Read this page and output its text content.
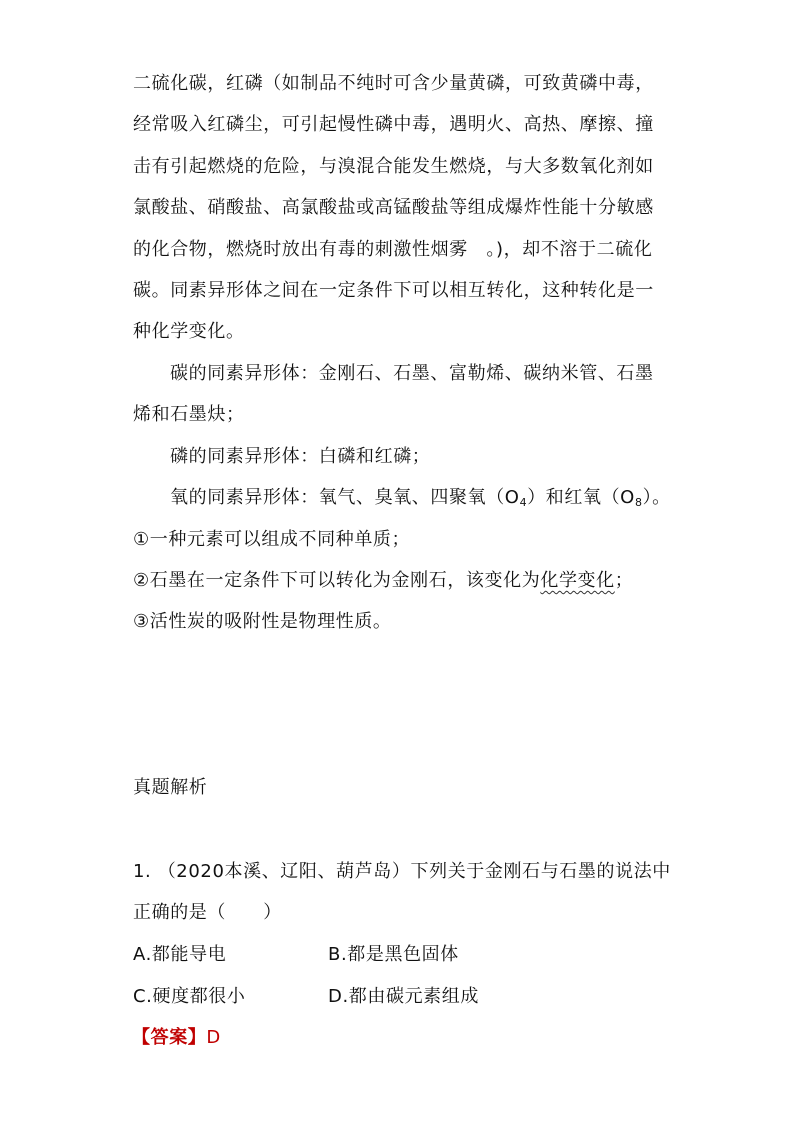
二硫化碳，红磷（如制品不纯时可含少量黄磷，可致黄磷中毒，
经常吸入红磷尘，可引起慢性磷中毒，遇明火、高热、摩擦、撞
击有引起燃烧的危险，与溴混合能发生燃烧，与大多数氧化剂如
氯酸盐、硝酸盐、高氯酸盐或高锰酸盐等组成爆炸性能十分敏感
的化合物，燃烧时放出有毒的刺激性烟雾　。)，却不溶于二硫化
碳。同素异形体之间在一定条件下可以相互转化，这种转化是一
种化学变化。
碳的同素异形体：金刚石、石墨、富勒烯、碳纳米管、石墨
烯和石墨炔；
磷的同素异形体：白磷和红磷；
氧的同素异形体：氧气、臭氧、四聚氧$(O_4)$和红氧$(O_8)$。
①一种元素可以组成不同种单质；
②石墨在一定条件下可以转化为金刚石，该变化为化学变化；
③活性炭的吸附性是物理性质。
真题解析
1. （2020本溪、辽阳、葫芦岛）下列关于金刚石与石墨的说法中
正确的是（　　）
A.都能导电	B.都是黑色固体
C.硬度都很小	D.都由碳元素组成
【答案】D
